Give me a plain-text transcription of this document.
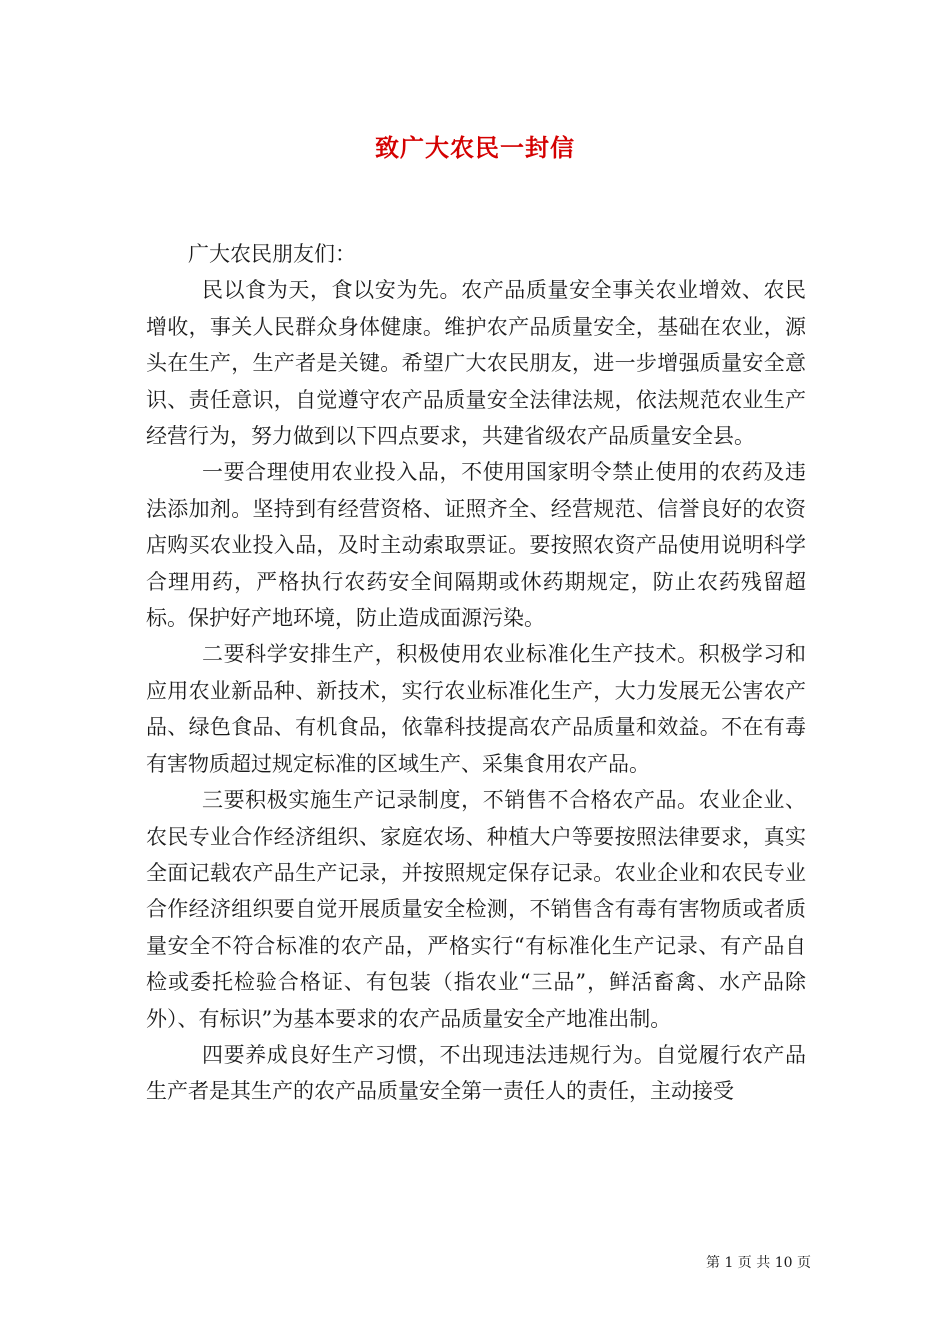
致广大农民一封信

广大农民朋友们：

民以食为天，食以安为先。农产品质量安全事关农业增效、农民增收，事关人民群众身体健康。维护农产品质量安全，基础在农业，源头在生产，生产者是关键。希望广大农民朋友，进一步增强质量安全意识、责任意识，自觉遵守农产品质量安全法律法规，依法规范农业生产经营行为，努力做到以下四点要求，共建省级农产品质量安全县。

一要合理使用农业投入品，不使用国家明令禁止使用的农药及违法添加剂。坚持到有经营资格、证照齐全、经营规范、信誉良好的农资店购买农业投入品，及时主动索取票证。要按照农资产品使用说明科学合理用药，严格执行农药安全间隔期或休药期规定，防止农药残留超标。保护好产地环境，防止造成面源污染。

二要科学安排生产，积极使用农业标准化生产技术。积极学习和应用农业新品种、新技术，实行农业标准化生产，大力发展无公害农产品、绿色食品、有机食品，依靠科技提高农产品质量和效益。不在有毒有害物质超过规定标准的区域生产、采集食用农产品。

三要积极实施生产记录制度，不销售不合格农产品。农业企业、农民专业合作经济组织、家庭农场、种植大户等要按照法律要求，真实全面记载农产品生产记录，并按照规定保存记录。农业企业和农民专业合作经济组织要自觉开展质量安全检测，不销售含有毒有害物质或者质量安全不符合标准的农产品，严格实行“有标准化生产记录、有产品自检或委托检验合格证、有包装（指农业“三品”，鲜活畜禽、水产品除外）、有标识”为基本要求的农产品质量安全产地准出制。

四要养成良好生产习惯，不出现违法违规行为。自觉履行农产品生产者是其生产的农产品质量安全第一责任人的责任，主动接受

第 1 页 共 10 页
